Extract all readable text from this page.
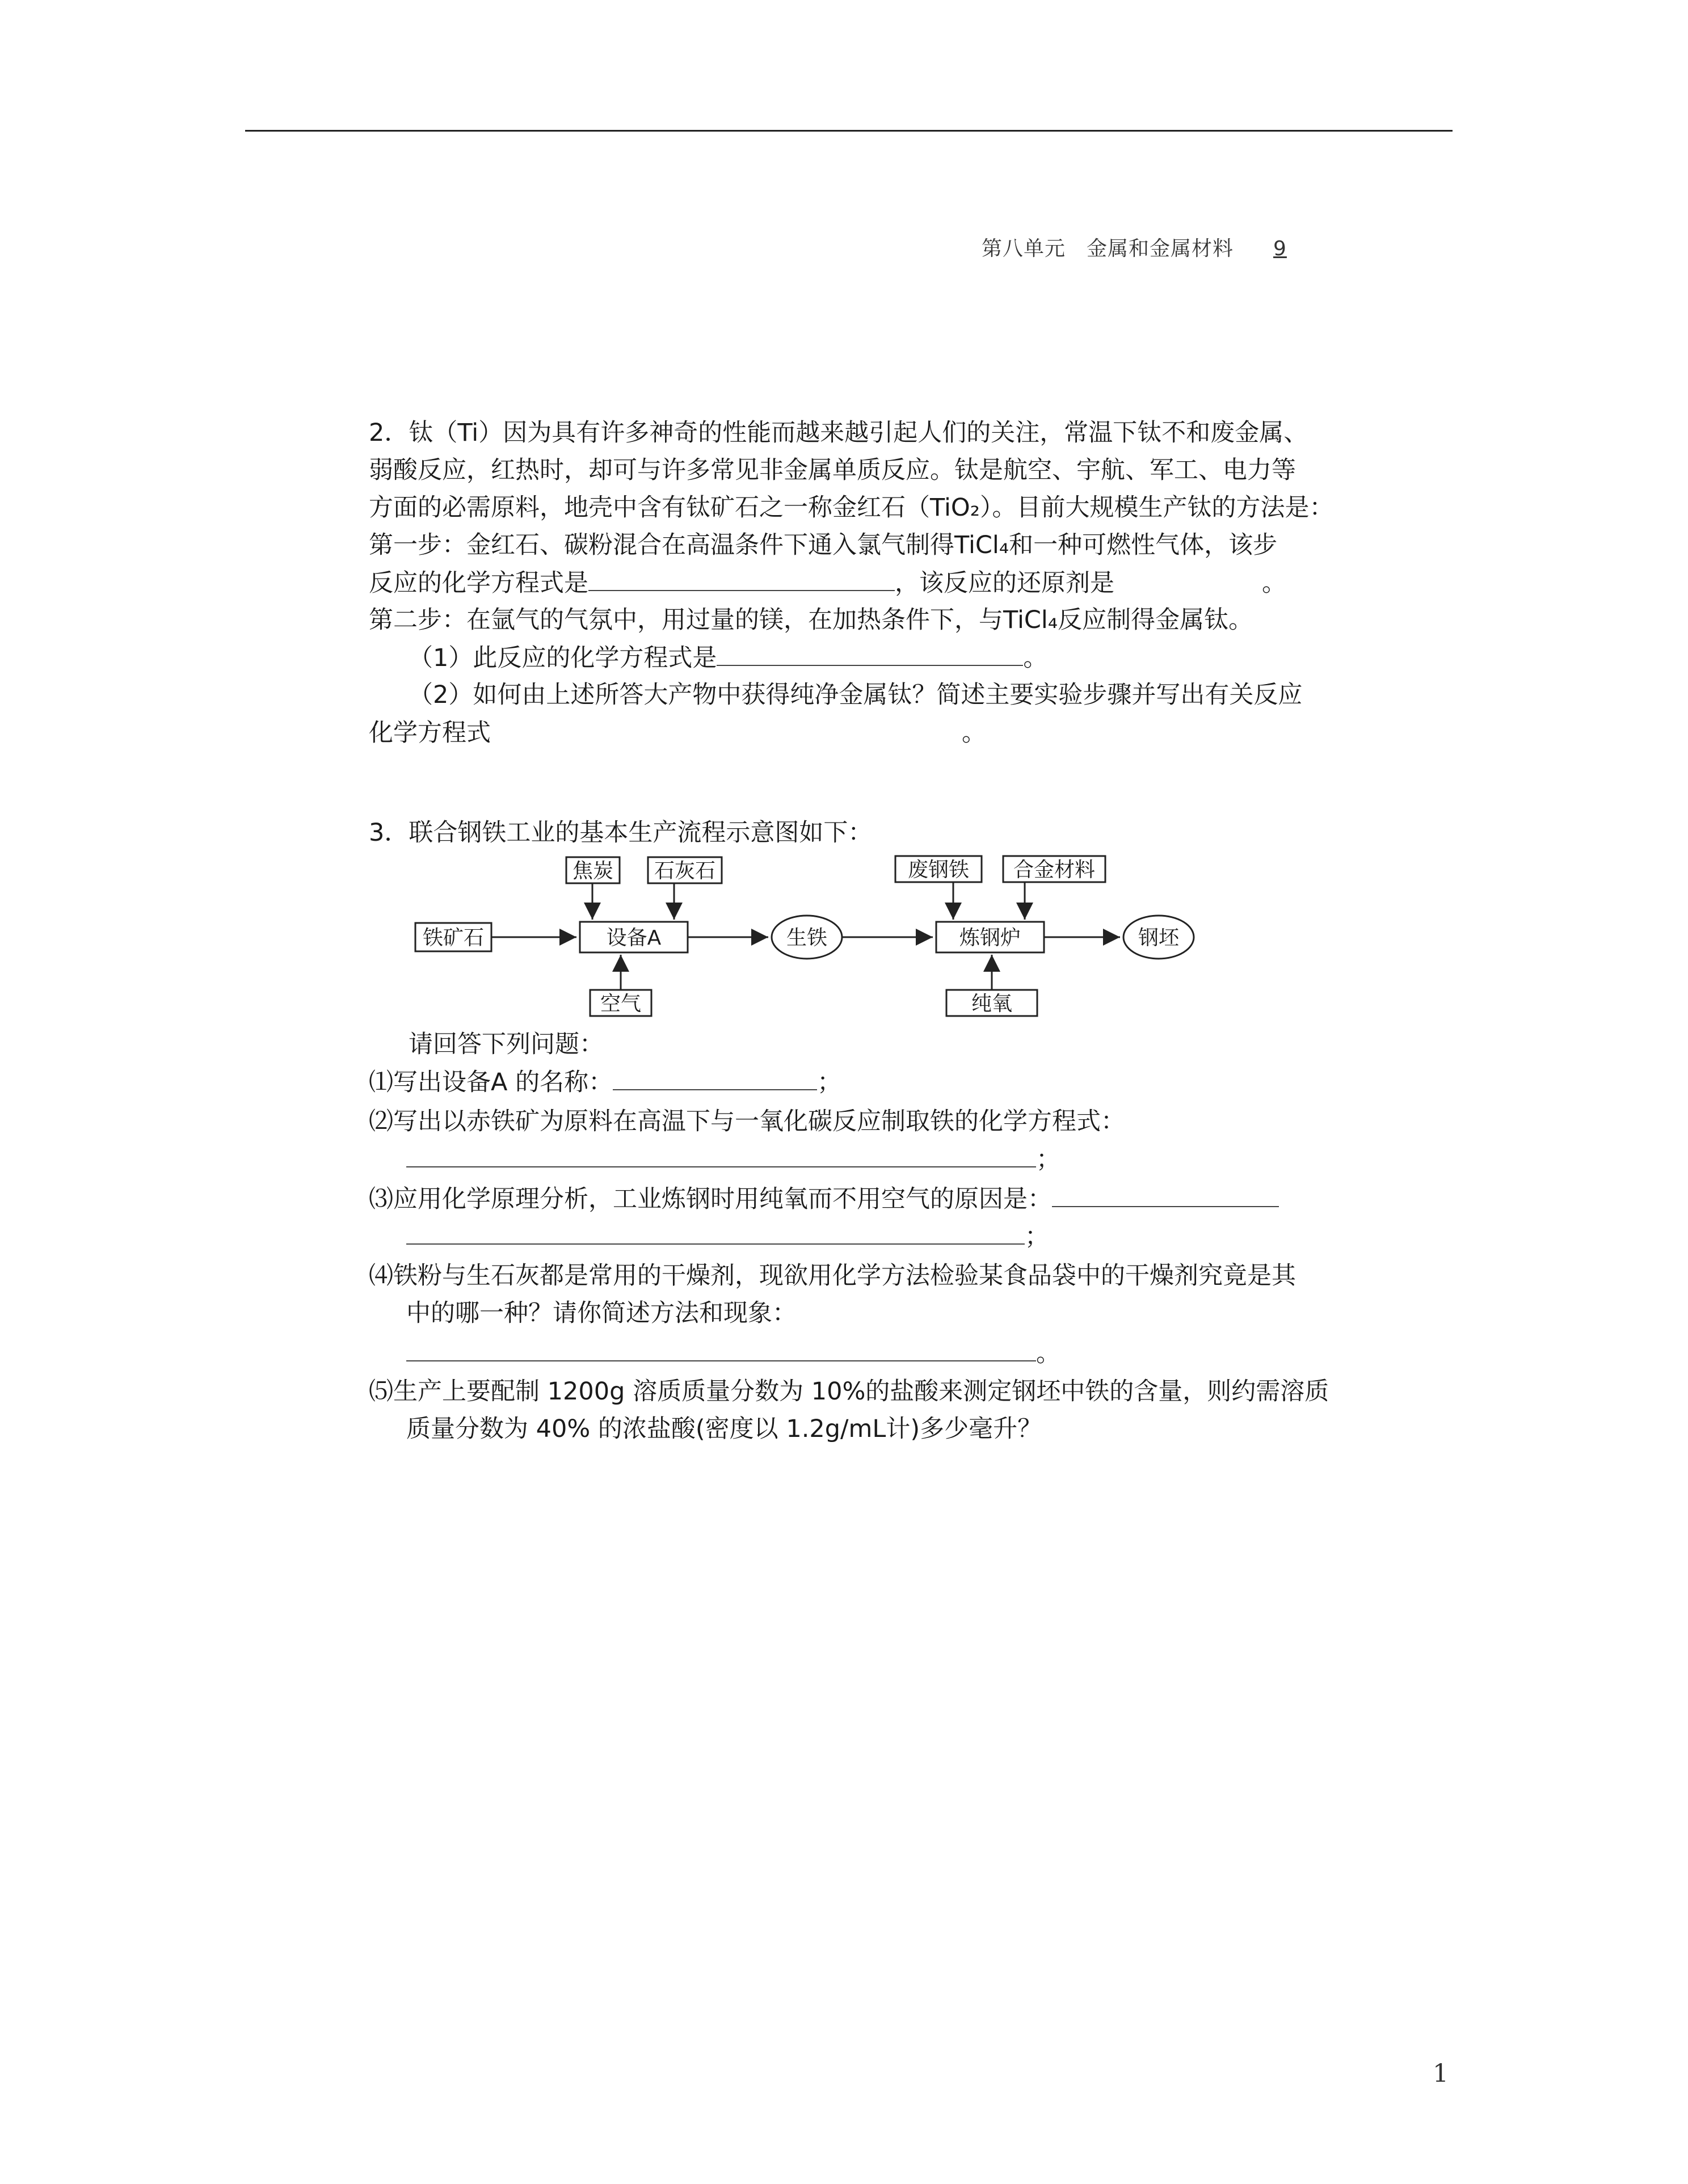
第八单元　金属和金属材料 9
2．钛（Ti）因为具有许多神奇的性能而越来越引起人们的关注，常温下钛不和废金属、
弱酸反应，红热时，却可与许多常见非金属单质反应。钛是航空、宇航、军工、电力等
方面的必需原料，地壳中含有钛矿石之一称金红石（TiO₂）。目前大规模生产钛的方法是：
第一步：金红石、碳粉混合在高温条件下通入氯气制得TiCl₄和一种可燃性气体，该步
反应的化学方程式是	，该反应的还原剂是	。
第二步：在氩气的气氛中，用过量的镁，在加热条件下，与TiCl₄反应制得金属钛。
（1）此反应的化学方程式是	。
（2）如何由上述所答大产物中获得纯净金属钛？简述主要实验步骤并写出有关反应
化学方程式	。
3．联合钢铁工业的基本生产流程示意图如下：
请回答下列问题：
⑴写出设备A 的名称：	；
⑵写出以赤铁矿为原料在高温下与一氧化碳反应制取铁的化学方程式：
；
⑶应用化学原理分析，工业炼钢时用纯氧而不用空气的原因是：
；
⑷铁粉与生石灰都是常用的干燥剂，现欲用化学方法检验某食品袋中的干燥剂究竟是其
中的哪一种？请你简述方法和现象：
。
⑸生产上要配制 1200g 溶质质量分数为 10%的盐酸来测定钢坯中铁的含量，则约需溶质
质量分数为 40% 的浓盐酸(密度以 1.2g/mL计)多少毫升？
铁矿石
焦炭 石灰石
设备A
空气
生铁
废钢铁 合金材料
炼钢炉
纯氧
钢坯
1
